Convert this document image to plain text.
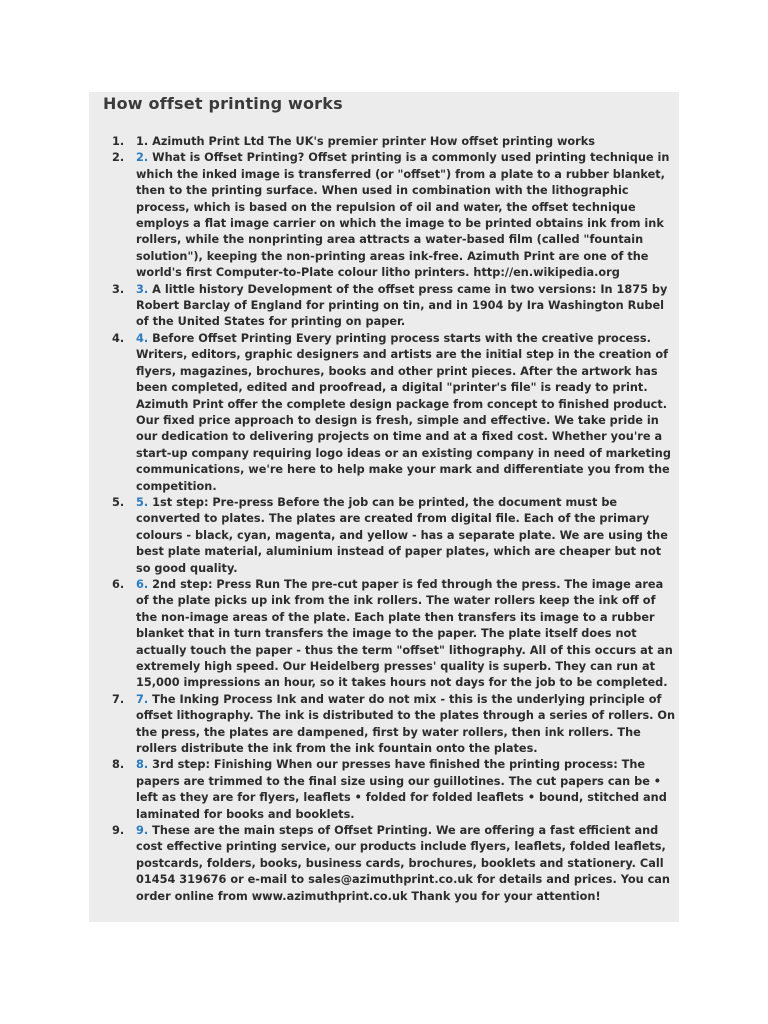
How offset printing works
1.	1. Azimuth Print Ltd The UK's premier printer How offset printing works
2.	2. What is Offset Printing? Offset printing is a commonly used printing technique in which the inked image is transferred (or "offset") from a plate to a rubber blanket, then to the printing surface. When used in combination with the lithographic process, which is based on the repulsion of oil and water, the offset technique employs a flat image carrier on which the image to be printed obtains ink from ink rollers, while the nonprinting area attracts a water-based film (called "fountain solution"), keeping the non-printing areas ink-free. Azimuth Print are one of the world's first Computer-to-Plate colour litho printers. http://en.wikipedia.org
3.	3. A little history Development of the offset press came in two versions: In 1875 by Robert Barclay of England for printing on tin, and in 1904 by Ira Washington Rubel of the United States for printing on paper.
4.	4. Before Offset Printing Every printing process starts with the creative process. Writers, editors, graphic designers and artists are the initial step in the creation of flyers, magazines, brochures, books and other print pieces. After the artwork has been completed, edited and proofread, a digital "printer's file" is ready to print. Azimuth Print offer the complete design package from concept to finished product. Our fixed price approach to design is fresh, simple and effective. We take pride in our dedication to delivering projects on time and at a fixed cost. Whether you're a start-up company requiring logo ideas or an existing company in need of marketing communications, we're here to help make your mark and differentiate you from the competition.
5.	5. 1st step: Pre-press Before the job can be printed, the document must be converted to plates. The plates are created from digital file. Each of the primary colours - black, cyan, magenta, and yellow - has a separate plate. We are using the best plate material, aluminium instead of paper plates, which are cheaper but not so good quality.
6.	6. 2nd step: Press Run The pre-cut paper is fed through the press. The image area of the plate picks up ink from the ink rollers. The water rollers keep the ink off of the non-image areas of the plate. Each plate then transfers its image to a rubber blanket that in turn transfers the image to the paper. The plate itself does not actually touch the paper - thus the term "offset" lithography. All of this occurs at an extremely high speed. Our Heidelberg presses' quality is superb. They can run at 15,000 impressions an hour, so it takes hours not days for the job to be completed.
7.	7. The Inking Process Ink and water do not mix - this is the underlying principle of offset lithography. The ink is distributed to the plates through a series of rollers. On the press, the plates are dampened, first by water rollers, then ink rollers. The rollers distribute the ink from the ink fountain onto the plates.
8.	8. 3rd step: Finishing When our presses have finished the printing process: The papers are trimmed to the final size using our guillotines. The cut papers can be • left as they are for flyers, leaflets • folded for folded leaflets • bound, stitched and laminated for books and booklets.
9.	9. These are the main steps of Offset Printing. We are offering a fast efficient and cost effective printing service, our products include flyers, leaflets, folded leaflets, postcards, folders, books, business cards, brochures, booklets and stationery. Call 01454 319676 or e-mail to sales@azimuthprint.co.uk for details and prices. You can order online from www.azimuthprint.co.uk Thank you for your attention!
